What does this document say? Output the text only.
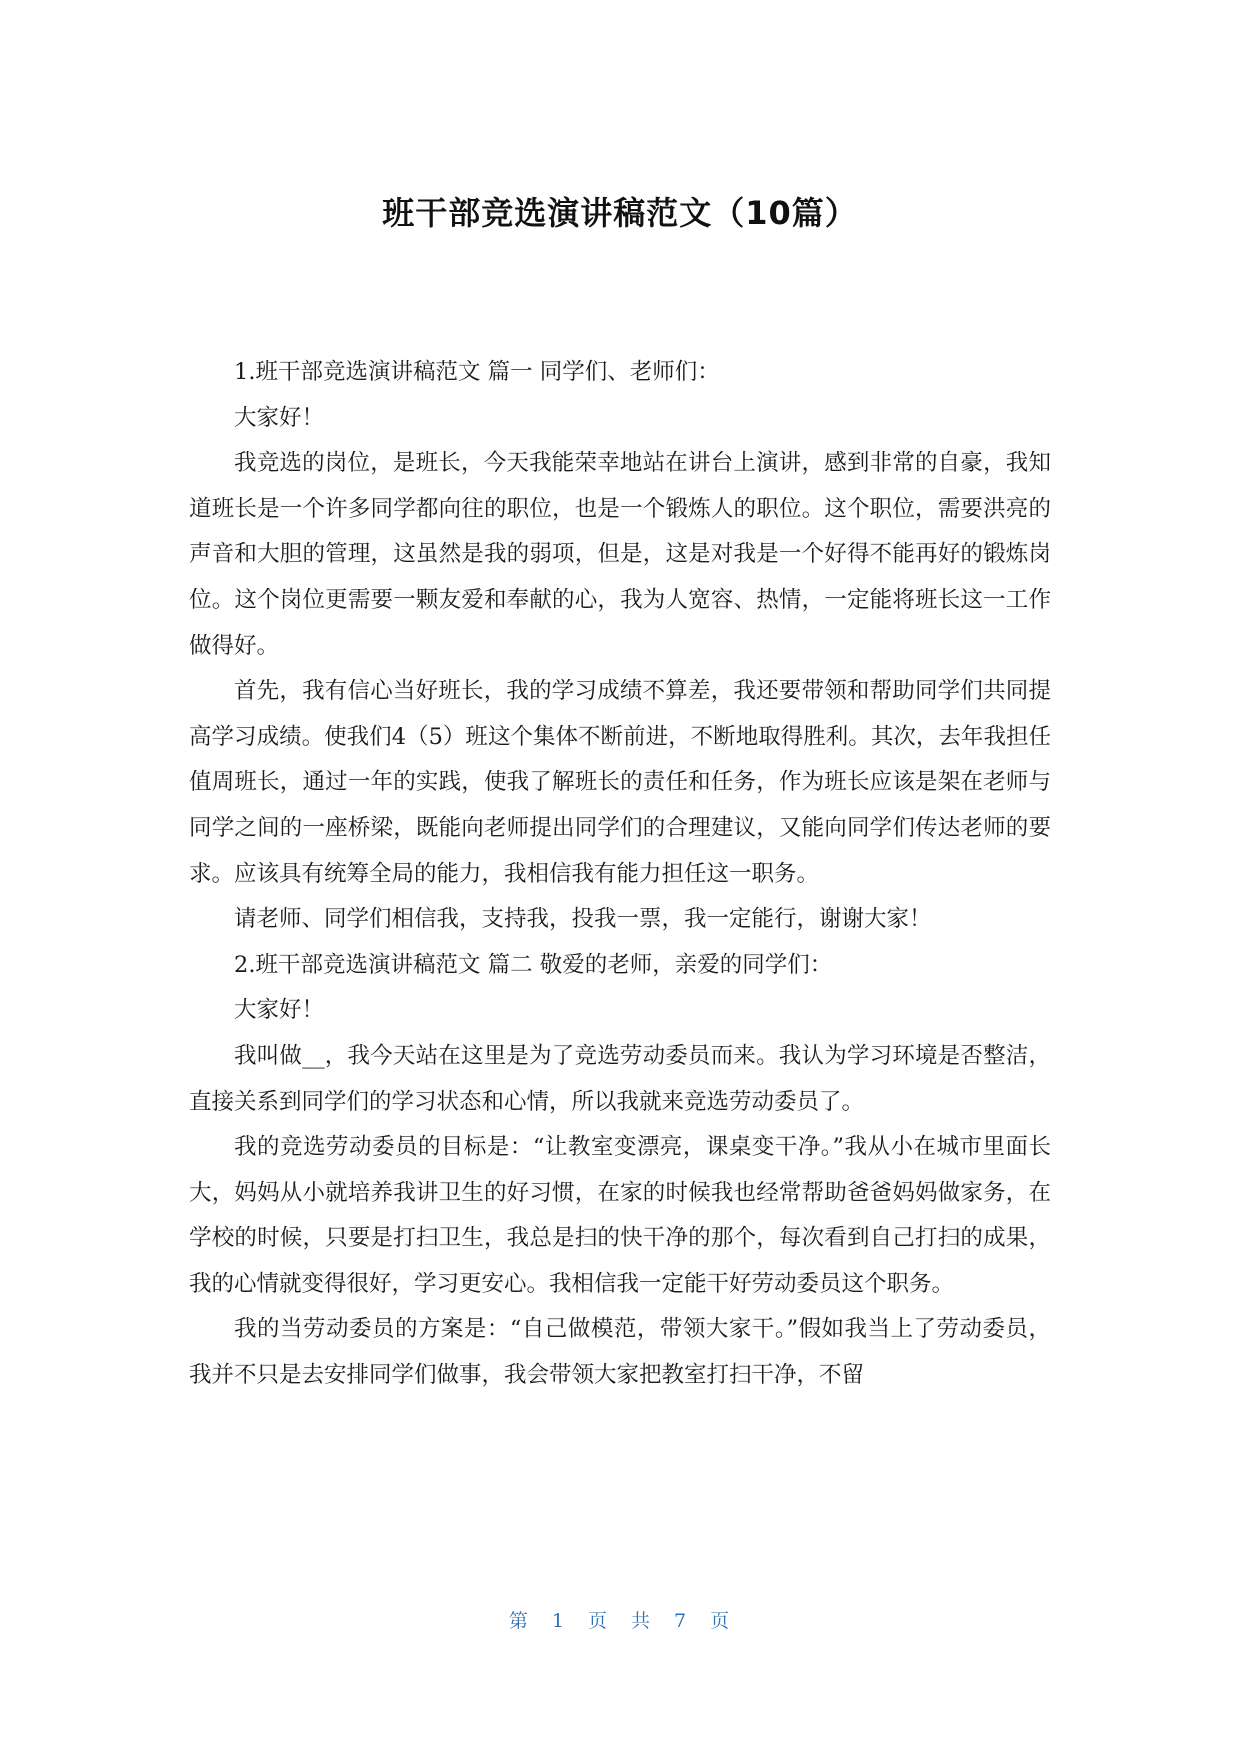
班干部竞选演讲稿范文（10篇）

1.班干部竞选演讲稿范文 篇一 同学们、老师们：

大家好！

我竞选的岗位，是班长，今天我能荣幸地站在讲台上演讲，感到非常的自豪，我知道班长是一个许多同学都向往的职位，也是一个锻炼人的职位。这个职位，需要洪亮的声音和大胆的管理，这虽然是我的弱项，但是，这是对我是一个好得不能再好的锻炼岗位。这个岗位更需要一颗友爱和奉献的心，我为人宽容、热情，一定能将班长这一工作做得好。

首先，我有信心当好班长，我的学习成绩不算差，我还要带领和帮助同学们共同提高学习成绩。使我们4（5）班这个集体不断前进，不断地取得胜利。其次，去年我担任值周班长，通过一年的实践，使我了解班长的责任和任务，作为班长应该是架在老师与同学之间的一座桥梁，既能向老师提出同学们的合理建议，又能向同学们传达老师的要求。应该具有统筹全局的能力，我相信我有能力担任这一职务。

请老师、同学们相信我，支持我，投我一票，我一定能行，谢谢大家！

2.班干部竞选演讲稿范文 篇二 敬爱的老师，亲爱的同学们：

大家好！

我叫做__，我今天站在这里是为了竞选劳动委员而来。我认为学习环境是否整洁，直接关系到同学们的学习状态和心情，所以我就来竞选劳动委员了。

我的竞选劳动委员的目标是：“让教室变漂亮，课桌变干净。”我从小在城市里面长大，妈妈从小就培养我讲卫生的好习惯，在家的时候我也经常帮助爸爸妈妈做家务，在学校的时候，只要是打扫卫生，我总是扫的快干净的那个，每次看到自己打扫的成果，我的心情就变得很好，学习更安心。我相信我一定能干好劳动委员这个职务。

我的当劳动委员的方案是：“自己做模范，带领大家干。”假如我当上了劳动委员，我并不只是去安排同学们做事，我会带领大家把教室打扫干净，不留

第 1 页 共 7 页
